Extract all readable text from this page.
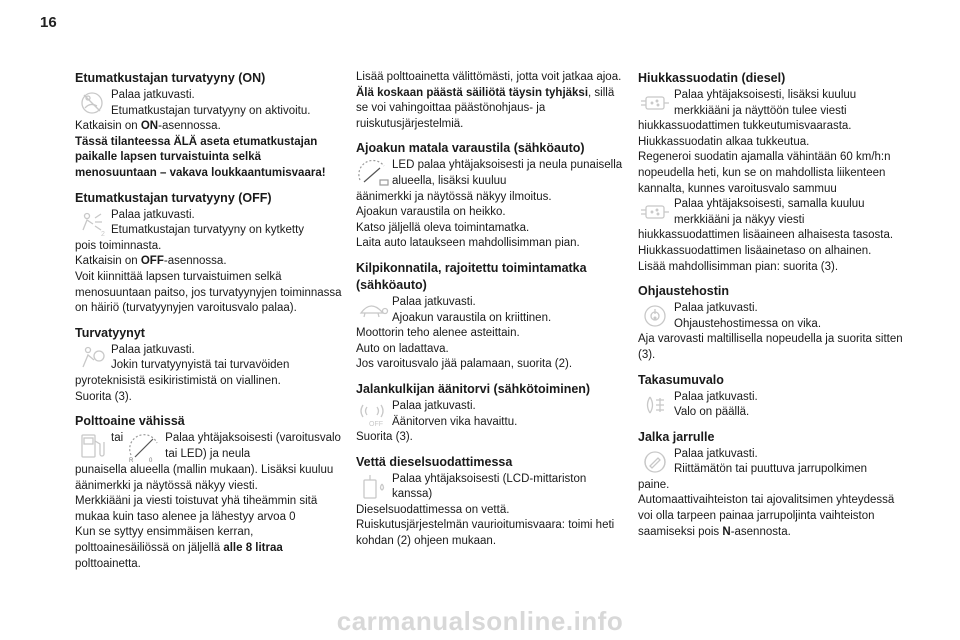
16
Etumatkustajan turvatyyny (ON)

Palaa jatkuvasti.

Etumatkustajan turvatyyny on aktivoitu.

Katkaisin on ON-asennossa.

Tässä tilanteessa ÄLÄ aseta etumatkustajan paikalle lapsen turvaistuinta selkä menosuuntaan – vakava loukkaantumisvaara!

Etumatkustajan turvatyyny (OFF)
2

Palaa jatkuvasti.

Etumatkustajan turvatyyny on kytketty

pois toiminnasta.

Katkaisin on OFF-asennossa.

Voit kiinnittää lapsen turvaistuimen selkä menosuuntaan paitso, jos turvatyynyjen toiminnassa on häiriö (turvatyynyjen varoitusvalo palaa).

Turvatyynyt

Palaa jatkuvasti.

Jokin turvatyynyistä tai turvavöiden

pyroteknisistä esikiristimistä on viallinen.

Suorita (3).

Polttoaine vähissä
tai
R	0

Palaa yhtäjaksoisesti (varoitusvalo tai LED) ja neula

punaisella alueella (mallin mukaan). Lisäksi kuuluu äänimerkki ja näytössä näkyy viesti.

Merkkiääni ja viesti toistuvat yhä tiheämmin sitä mukaa kuin taso alenee ja lähestyy arvoa 0

Kun se syttyy ensimmäisen kerran, polttoainesäiliössä on jäljellä alle 8 litraa polttoainetta.

Lisää polttoainetta välittömästi, jotta voit jatkaa ajoa.

Älä koskaan päästä säiliötä täysin tyhjäksi, sillä se voi vahingoittaa päästönohjaus- ja ruiskutusjärjestelmiä.

Ajoakun matala varaustila (sähköauto)

LED palaa yhtäjaksoisesti ja neula punaisella alueella, lisäksi kuuluu

äänimerkki ja näytössä näkyy ilmoitus.

Ajoakun varaustila on heikko.

Katso jäljellä oleva toimintamatka.

Laita auto lataukseen mahdollisimman pian.

Kilpikonnatila, rajoitettu toimintamatka (sähköauto)

Palaa jatkuvasti.

Ajoakun varaustila on kriittinen.

Moottorin teho alenee asteittain.

Auto on ladattava.

Jos varoitusvalo jää palamaan, suorita (2).

Jalankulkijan äänitorvi (sähkötoiminen)
OFF

Palaa jatkuvasti.

Äänitorven vika havaittu.

Suorita (3).

Vettä dieselsuodattimessa

Palaa yhtäjaksoisesti (LCD-mittariston kanssa)

Dieselsuodattimessa on vettä.

Ruiskutusjärjestelmän vaurioitumisvaara: toimi heti kohdan (2) ohjeen mukaan.

Hiukkassuodatin (diesel)

Palaa yhtäjaksoisesti, lisäksi kuuluu merkkiääni ja näyttöön tulee viesti

hiukkassuodattimen tukkeutumisvaarasta.

Hiukkassuodatin alkaa tukkeutua.

Regeneroi suodatin ajamalla vähintään 60 km/h:n nopeudella heti, kun se on mahdollista liikenteen kannalta, kunnes varoitusvalo sammuu

Palaa yhtäjaksoisesti, samalla kuuluu merkkiääni ja näkyy viesti

hiukkassuodattimen lisäaineen alhaisesta tasosta.

Hiukkassuodattimen lisäainetaso on alhainen.

Lisää mahdollisimman pian: suorita (3).

Ohjaustehostin

Palaa jatkuvasti.

Ohjaustehostimessa on vika.

Aja varovasti maltillisella nopeudella ja suorita sitten (3).

Takasumuvalo

Palaa jatkuvasti.

Valo on päällä.

Jalka jarrulle

Palaa jatkuvasti.

Riittämätön tai puuttuva jarrupolkimen

paine.

Automaattivaihteiston tai ajovalitsimen yhteydessä voi olla tarpeen painaa jarrupoljinta vaihteiston saamiseksi pois N-asennosta.

carmanualsonline.info
